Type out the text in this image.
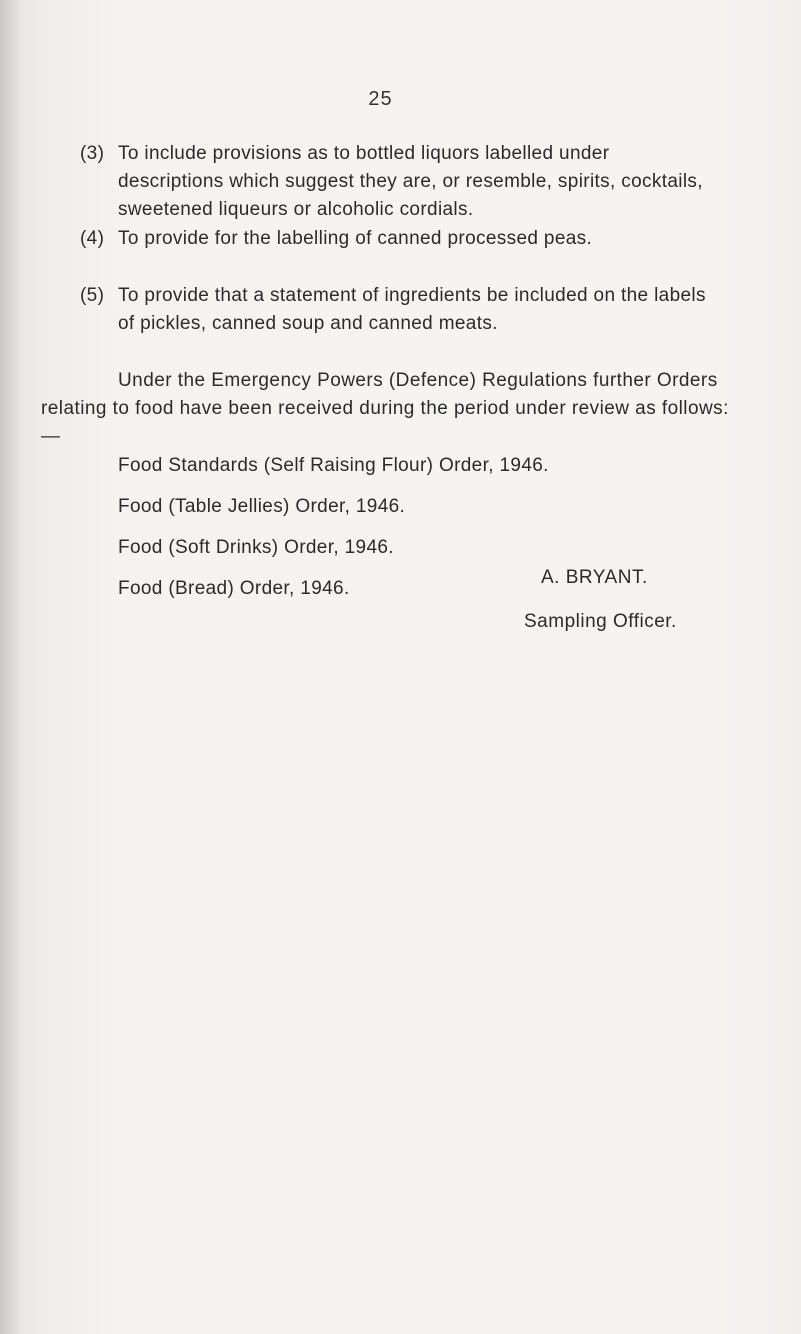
25
(3) To include provisions as to bottled liquors labelled under descriptions which suggest they are, or resemble, spirits, cocktails, sweetened liqueurs or alcoholic cordials.
(4) To provide for the labelling of canned processed peas.
(5) To provide that a statement of ingredients be included on the labels of pickles, canned soup and canned meats.
Under the Emergency Powers (Defence) Regulations further Orders relating to food have been received during the period under review as follows:—
Food Standards (Self Raising Flour) Order, 1946.
Food (Table Jellies) Order, 1946.
Food (Soft Drinks) Order, 1946.
Food (Bread) Order, 1946.
A. BRYANT.
Sampling Officer.
